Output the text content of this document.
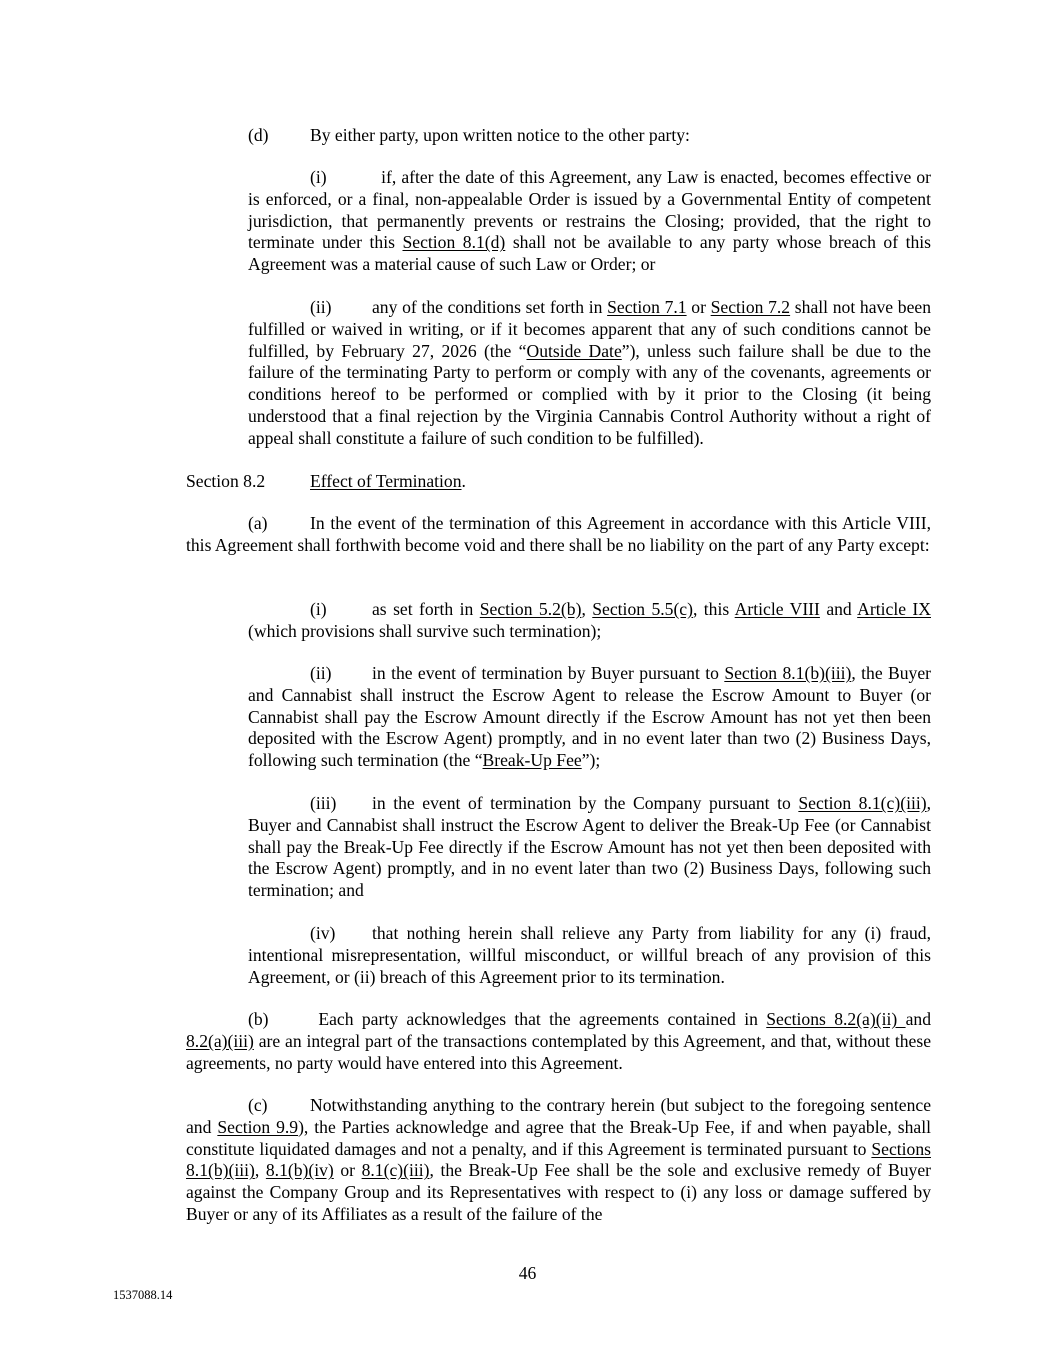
(d) By either party, upon written notice to the other party:

(i)	if, after the date of this Agreement, any Law is enacted, becomes effective or is enforced, or a final, non-appealable Order is issued by a Governmental Entity of competent jurisdiction, that permanently prevents or restrains the Closing; provided, that the right to terminate under this Section 8.1(d) shall not be available to any party whose breach of this Agreement was a material cause of such Law or Order; or

(ii) any of the conditions set forth in Section 7.1 or Section 7.2 shall not have been fulfilled or waived in writing, or if it becomes apparent that any of such conditions cannot be fulfilled, by February 27, 2026 (the “Outside Date”), unless such failure shall be due to the failure of the terminating Party to perform or comply with any of the covenants, agreements or conditions hereof to be performed or complied with by it prior to the Closing (it being understood that a final rejection by the Virginia Cannabis Control Authority without a right of appeal shall constitute a failure of such condition to be fulfilled).

Section 8.2	Effect of Termination.

(a) In the event of the termination of this Agreement in accordance with this Article VIII, this Agreement shall forthwith become void and there shall be no liability on the part of any Party except:

(i)	as set forth in Section 5.2(b), Section 5.5(c), this Article VIII and Article IX (which provisions shall survive such termination);

(ii) in the event of termination by Buyer pursuant to Section 8.1(b)(iii), the Buyer and Cannabist shall instruct the Escrow Agent to release the Escrow Amount to Buyer (or Cannabist shall pay the Escrow Amount directly if the Escrow Amount has not yet then been deposited with the Escrow Agent) promptly, and in no event later than two (2) Business Days, following such termination (the “Break-Up Fee”);

(iii) in the event of termination by the Company pursuant to Section 8.1(c)(iii), Buyer and Cannabist shall instruct the Escrow Agent to deliver the Break-Up Fee (or Cannabist shall pay the Break-Up Fee directly if the Escrow Amount has not yet then been deposited with the Escrow Agent) promptly, and in no event later than two (2) Business Days, following such termination; and

(iv) that nothing herein shall relieve any Party from liability for any (i) fraud, intentional misrepresentation, willful misconduct, or willful breach of any provision of this Agreement, or (ii) breach of this Agreement prior to its termination.

(b) Each party acknowledges that the agreements contained in Sections 8.2(a)(ii) and 8.2(a)(iii) are an integral part of the transactions contemplated by this Agreement, and that, without these agreements, no party would have entered into this Agreement.

(c) Notwithstanding anything to the contrary herein (but subject to the foregoing sentence and Section 9.9), the Parties acknowledge and agree that the Break-Up Fee, if and when payable, shall constitute liquidated damages and not a penalty, and if this Agreement is terminated pursuant to Sections 8.1(b)(iii), 8.1(b)(iv) or 8.1(c)(iii), the Break-Up Fee shall be the sole and exclusive remedy of Buyer against the Company Group and its Representatives with respect to (i) any loss or damage suffered by Buyer or any of its Affiliates as a result of the failure of the

46
1537088.14
